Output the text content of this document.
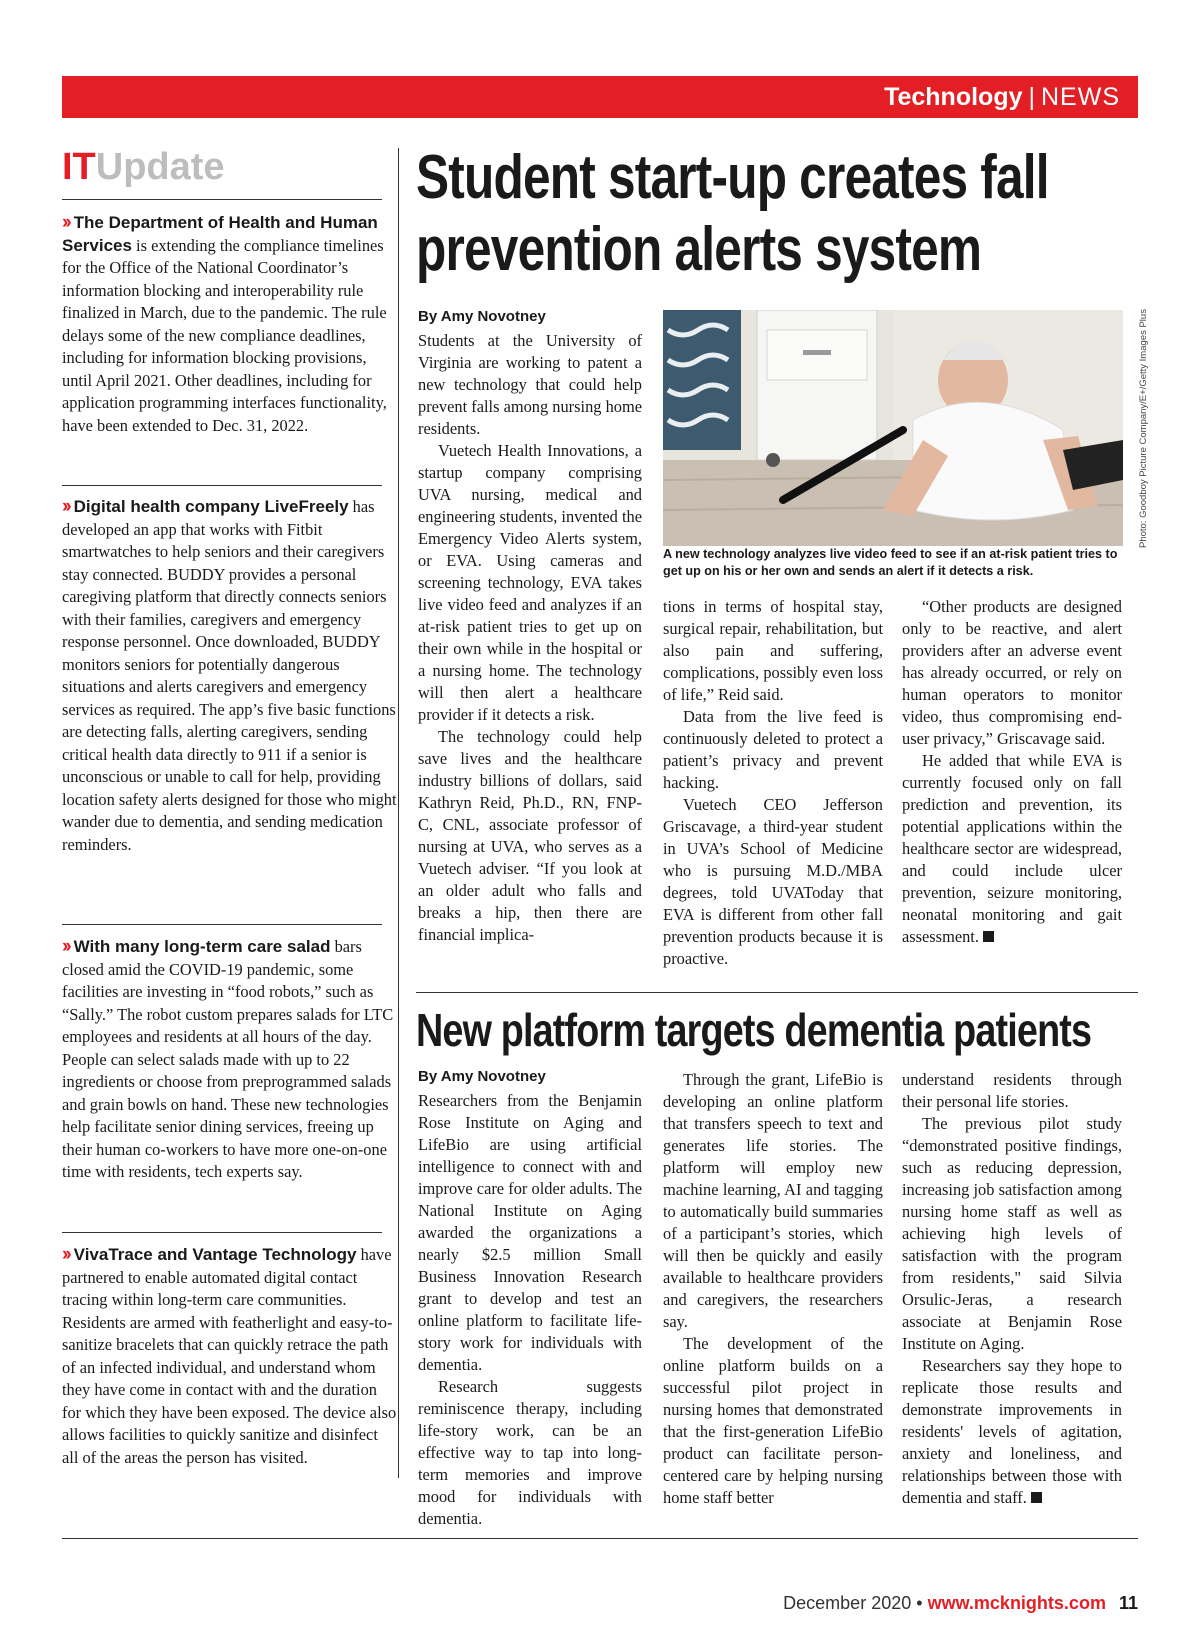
Technology | NEWS
ITUpdate
›› The Department of Health and Human Services is extending the compliance timelines for the Office of the National Coordinator’s information blocking and interoperability rule finalized in March, due to the pandemic. The rule delays some of the new compliance deadlines, including for information blocking provisions, until April 2021. Other deadlines, including for application programming interfaces functionality, have been extended to Dec. 31, 2022.
›› Digital health company LiveFreely has developed an app that works with Fitbit smartwatches to help seniors and their caregivers stay connected. BUDDY provides a personal caregiving platform that directly connects seniors with their families, caregivers and emergency response personnel. Once downloaded, BUDDY monitors seniors for potentially dangerous situations and alerts caregivers and emergency services as required. The app’s five basic functions are detecting falls, alerting caregivers, sending critical health data directly to 911 if a senior is unconscious or unable to call for help, providing location safety alerts designed for those who might wander due to dementia, and sending medication reminders.
›› With many long-term care salad bars closed amid the COVID-19 pandemic, some facilities are investing in “food robots,” such as “Sally.” The robot custom prepares salads for LTC employees and residents at all hours of the day. People can select salads made with up to 22 ingredients or choose from preprogrammed salads and grain bowls on hand. These new technologies help facilitate senior dining services, freeing up their human co-workers to have more one-on-one time with residents, tech experts say.
›› VivaTrace and Vantage Technology have partnered to enable automated digital contact tracing within long-term care communities. Residents are armed with featherlight and easy-to-sanitize bracelets that can quickly retrace the path of an infected individual, and understand whom they have come in contact with and the duration for which they have been exposed. The device also allows facilities to quickly sanitize and disinfect all of the areas the person has visited.
Student start-up creates fall
prevention alerts system
By Amy Novotney

Students at the University of Virginia are working to patent a new technology that could help prevent falls among nursing home residents.

Vuetech Health Innovations, a startup company comprising UVA nursing, medical and engineering students, invented the Emergency Video Alerts system, or EVA. Using cameras and screening technology, EVA takes live video feed and analyzes if an at-risk patient tries to get up on their own while in the hospital or a nursing home. The technology will then alert a healthcare provider if it detects a risk.

The technology could help save lives and the healthcare industry billions of dollars, said Kathryn Reid, Ph.D., RN, FNP-C, CNL, associate professor of nursing at UVA, who serves as a Vuetech adviser. “If you look at an older adult who falls and breaks a hip, then there are financial implica-

Photo: Goodboy Picture Company/E+/Getty Images Plus
A new technology analyzes live video feed to see if an at-risk patient tries to get up on his or her own and sends an alert if it detects a risk.

tions in terms of hospital stay, surgical repair, rehabilitation, but also pain and suffering, complications, possibly even loss of life,” Reid said.

Data from the live feed is continuously deleted to protect a patient’s privacy and prevent hacking.

Vuetech CEO Jefferson Griscavage, a third-year student in UVA’s School of Medicine who is pursuing M.D./MBA degrees, told UVAToday that EVA is different from other fall prevention products because it is proactive.

“Other products are designed only to be reactive, and alert providers after an adverse event has already occurred, or rely on human operators to monitor video, thus compromising end-user privacy,” Griscavage said.

He added that while EVA is currently focused only on fall prediction and prevention, its potential applications within the healthcare sector are widespread, and could include ulcer prevention, seizure monitoring, neonatal monitoring and gait assessment.

New platform targets dementia patients
By Amy Novotney

Researchers from the Benjamin Rose Institute on Aging and LifeBio are using artificial intelligence to connect with and improve care for older adults. The National Institute on Aging awarded the organizations a nearly $2.5 million Small Business Innovation Research grant to develop and test an online platform to facilitate life-story work for individuals with dementia.

Research suggests reminiscence therapy, including life-story work, can be an effective way to tap into long-term memories and improve mood for individuals with dementia.

Through the grant, LifeBio is developing an online platform that transfers speech to text and generates life stories. The platform will employ new machine learning, AI and tagging to automatically build summaries of a participant’s stories, which will then be quickly and easily available to healthcare providers and caregivers, the researchers say.

The development of the online platform builds on a successful pilot project in nursing homes that demonstrated that the first-generation LifeBio product can facilitate person-centered care by helping nursing home staff better

understand residents through their personal life stories.

The previous pilot study “demonstrated positive findings, such as reducing depression, increasing job satisfaction among nursing home staff as well as achieving high levels of satisfaction with the program from residents," said Silvia Orsulic-Jeras, a research associate at Benjamin Rose Institute on Aging.

Researchers say they hope to replicate those results and demonstrate improvements in residents' levels of agitation, anxiety and loneliness, and relationships between those with dementia and staff.

December 2020 • www.mcknights.com 11
